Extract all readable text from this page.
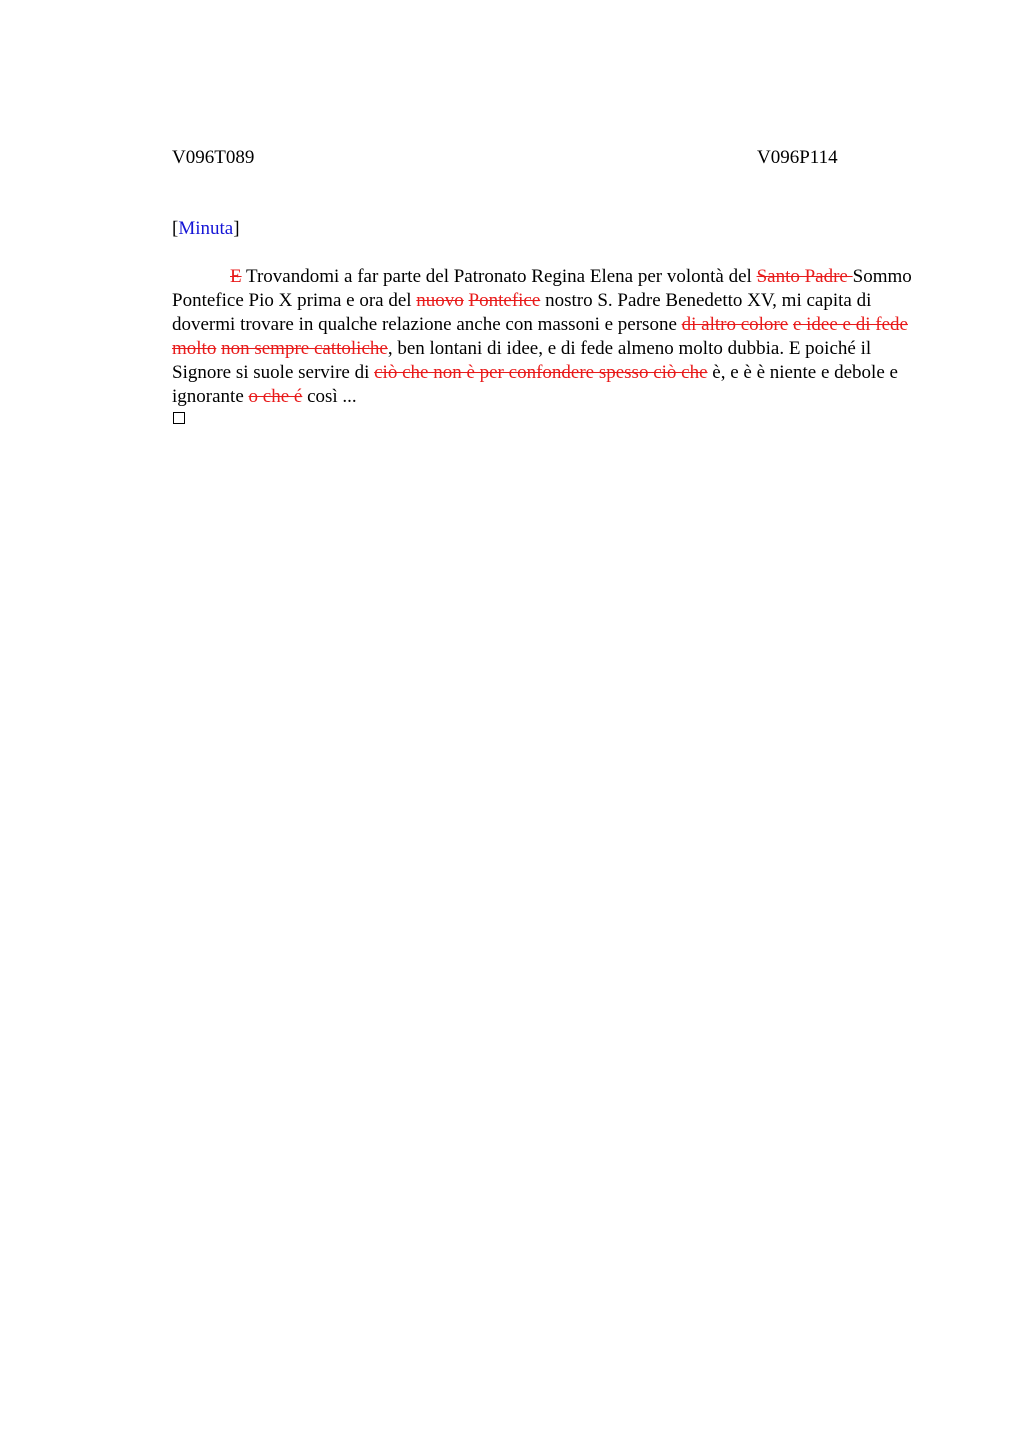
V096T089	V096P114
[Minuta]

E Trovandomi a far parte del Patronato Regina Elena per volontà del Santo Padre Sommo Pontefice Pio X prima e ora del nuovo Pontefice nostro S. Padre Benedetto XV, mi capita di dovermi trovare in qualche relazione anche con massoni e persone di altro colore e idee e di fede molto non sempre cattoliche, ben lontani di idee, e di fede almeno molto dubbia. E poiché il Signore si suole servire di ciò che non è per confondere spesso ciò che è, e è è niente e debole e ignorante o che é così ...
